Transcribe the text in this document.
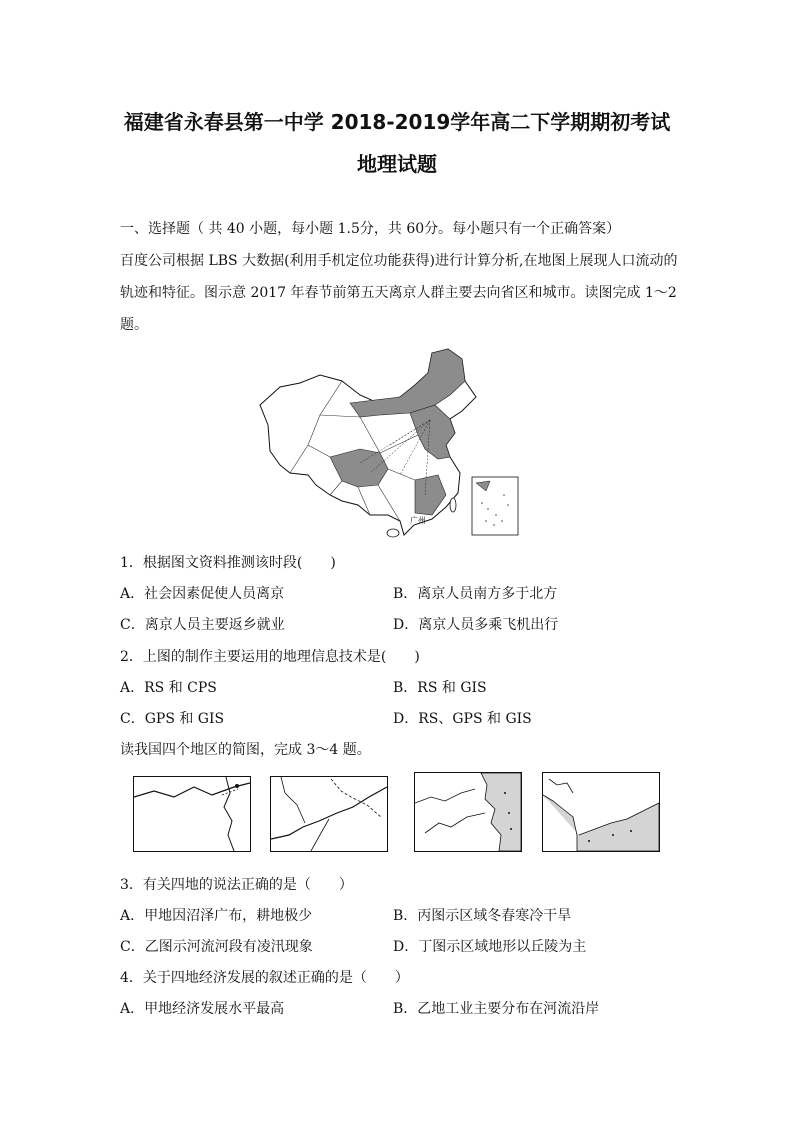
福建省永春县第一中学 2018-2019学年高二下学期期初考试
地理试题
一、选择题（ 共 40 小题，每小题 1.5分，共 60分。每小题只有一个正确答案）
百度公司根据 LBS 大数据(利用手机定位功能获得)进行计算分析,在地图上展现人口流动的
轨迹和特征。图示意 2017 年春节前第五天离京人群主要去向省区和城市。读图完成 1～2
题。
广州
1．根据图文资料推测该时段(　　)
A．社会因素促使人员离京	B．离京人员南方多于北方
C．离京人员主要返乡就业	D．离京人员多乘飞机出行
2．上图的制作主要运用的地理信息技术是(　　)
A．RS 和 CPS	B．RS 和 GIS
C．GPS 和 GIS	D．RS、GPS 和 GIS
读我国四个地区的简图，完成 3～4 题。
3．有关四地的说法正确的是（　　）
A．甲地因沼泽广布，耕地极少	B．丙图示区域冬春寒冷干旱
C．乙图示河流河段有凌汛现象	D．丁图示区域地形以丘陵为主
4．关于四地经济发展的叙述正确的是（　　）
A．甲地经济发展水平最高	B．乙地工业主要分布在河流沿岸
